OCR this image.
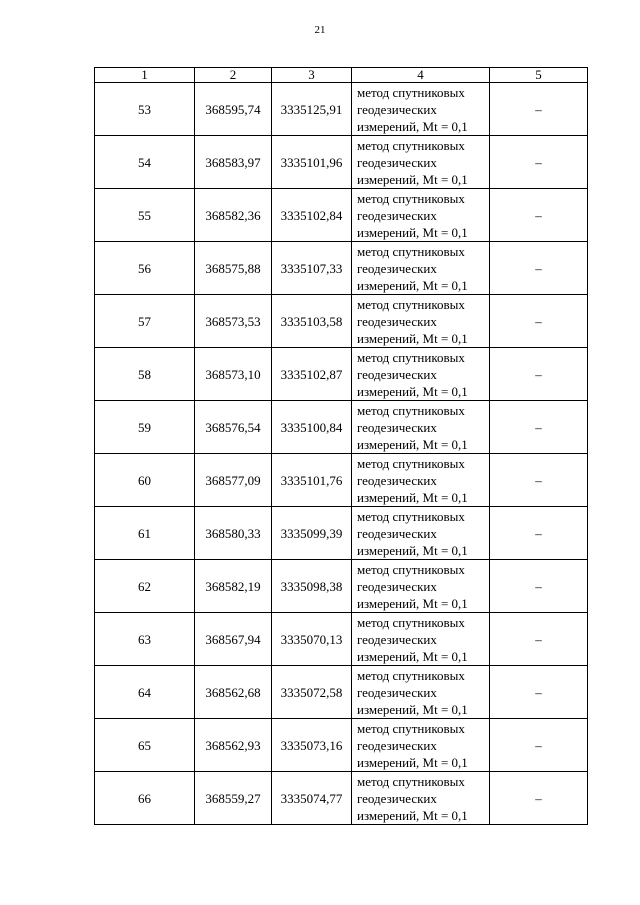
21
1	2	3	4	5
53	368595,74	3335125,91	метод спутниковых
геодезических
измерений, Mt = 0,1	–
54	368583,97	3335101,96	метод спутниковых
геодезических
измерений, Mt = 0,1	–
55	368582,36	3335102,84	метод спутниковых
геодезических
измерений, Mt = 0,1	–
56	368575,88	3335107,33	метод спутниковых
геодезических
измерений, Mt = 0,1	–
57	368573,53	3335103,58	метод спутниковых
геодезических
измерений, Mt = 0,1	–
58	368573,10	3335102,87	метод спутниковых
геодезических
измерений, Mt = 0,1	–
59	368576,54	3335100,84	метод спутниковых
геодезических
измерений, Mt = 0,1	–
60	368577,09	3335101,76	метод спутниковых
геодезических
измерений, Mt = 0,1	–
61	368580,33	3335099,39	метод спутниковых
геодезических
измерений, Mt = 0,1	–
62	368582,19	3335098,38	метод спутниковых
геодезических
измерений, Mt = 0,1	–
63	368567,94	3335070,13	метод спутниковых
геодезических
измерений, Mt = 0,1	–
64	368562,68	3335072,58	метод спутниковых
геодезических
измерений, Mt = 0,1	–
65	368562,93	3335073,16	метод спутниковых
геодезических
измерений, Mt = 0,1	–
66	368559,27	3335074,77	метод спутниковых
геодезических
измерений, Mt = 0,1	–
